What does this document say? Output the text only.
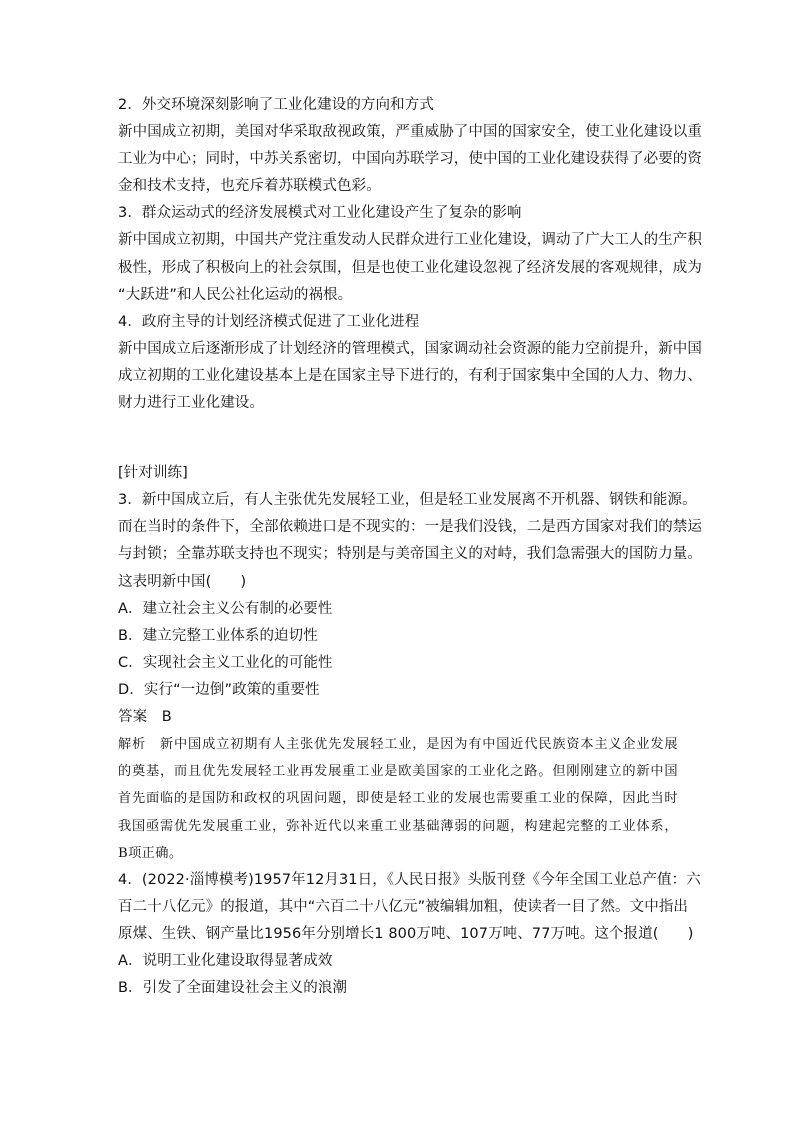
2．外交环境深刻影响了工业化建设的方向和方式
新中国成立初期，美国对华采取敌视政策，严重威胁了中国的国家安全，使工业化建设以重
工业为中心；同时，中苏关系密切，中国向苏联学习，使中国的工业化建设获得了必要的资
金和技术支持，也充斥着苏联模式色彩。
3．群众运动式的经济发展模式对工业化建设产生了复杂的影响
新中国成立初期，中国共产党注重发动人民群众进行工业化建设，调动了广大工人的生产积
极性，形成了积极向上的社会氛围，但是也使工业化建设忽视了经济发展的客观规律，成为
“大跃进”和人民公社化运动的祸根。
4．政府主导的计划经济模式促进了工业化进程
新中国成立后逐渐形成了计划经济的管理模式，国家调动社会资源的能力空前提升，新中国
成立初期的工业化建设基本上是在国家主导下进行的，有利于国家集中全国的人力、物力、
财力进行工业化建设。
[针对训练]
3．新中国成立后，有人主张优先发展轻工业，但是轻工业发展离不开机器、钢铁和能源。
而在当时的条件下，全部依赖进口是不现实的：一是我们没钱，二是西方国家对我们的禁运
与封锁；全靠苏联支持也不现实；特别是与美帝国主义的对峙，我们急需强大的国防力量。
这表明新中国(　　)
A．建立社会主义公有制的必要性
B．建立完整工业体系的迫切性
C．实现社会主义工业化的可能性
D．实行“一边倒”政策的重要性
答案　B
解析　新中国成立初期有人主张优先发展轻工业，是因为有中国近代民族资本主义企业发展
的奠基，而且优先发展轻工业再发展重工业是欧美国家的工业化之路。但刚刚建立的新中国
首先面临的是国防和政权的巩固问题，即使是轻工业的发展也需要重工业的保障，因此当时
我国亟需优先发展重工业，弥补近代以来重工业基础薄弱的问题，构建起完整的工业体系，
B项正确。
4．(2022·淄博模考)1957年12月31日，《人民日报》头版刊登《今年全国工业总产值：六
百二十八亿元》的报道，其中“六百二十八亿元”被编辑加粗，使读者一目了然。文中指出
原煤、生铁、钢产量比1956年分别增长1 800万吨、107万吨、77万吨。这个报道(　　)
A．说明工业化建设取得显著成效
B．引发了全面建设社会主义的浪潮
